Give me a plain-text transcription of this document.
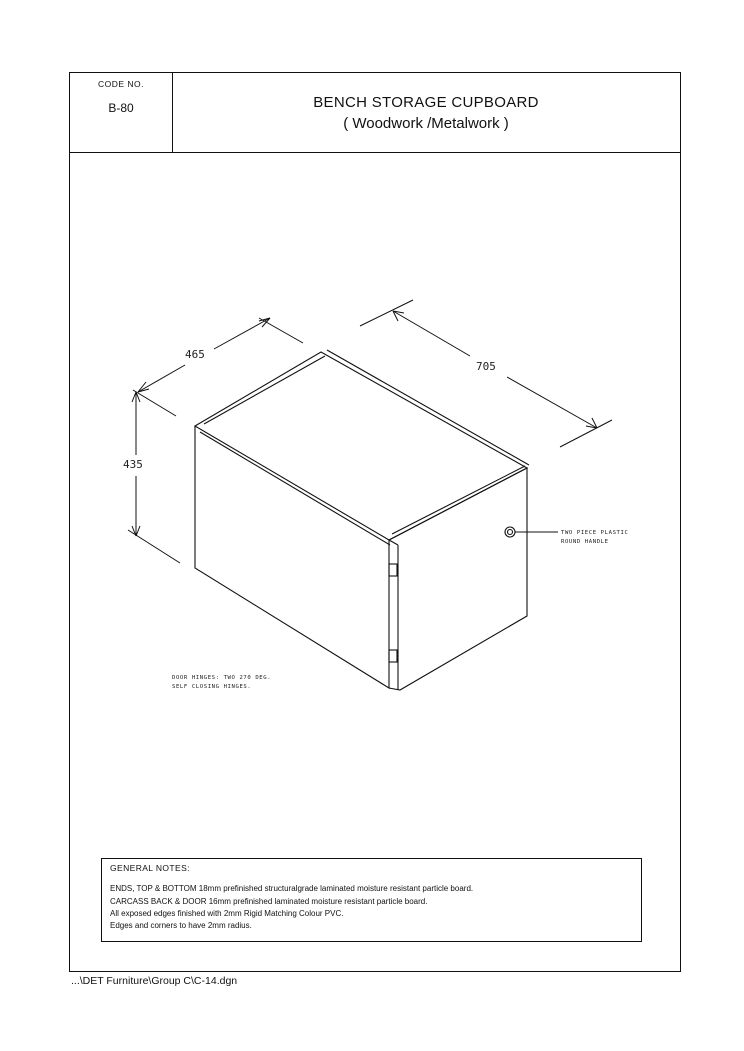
465
705
435
TWO PIECE PLASTIC
ROUND HANDLE
DOOR HINGES: TWO 270 DEG.
SELF CLOSING HINGES.
CODE NO.
B-80	BENCH STORAGE CUPBOARD
( Woodwork /Metalwork )
GENERAL NOTES:
ENDS, TOP & BOTTOM 18mm prefinished structuralgrade laminated moisture resistant particle board.
CARCASS BACK & DOOR 16mm prefinished laminated moisture resistant particle board.
All exposed edges finished with 2mm Rigid Matching Colour PVC.
Edges and corners to have 2mm radius.
...\DET Furniture\Group C\C-14.dgn
